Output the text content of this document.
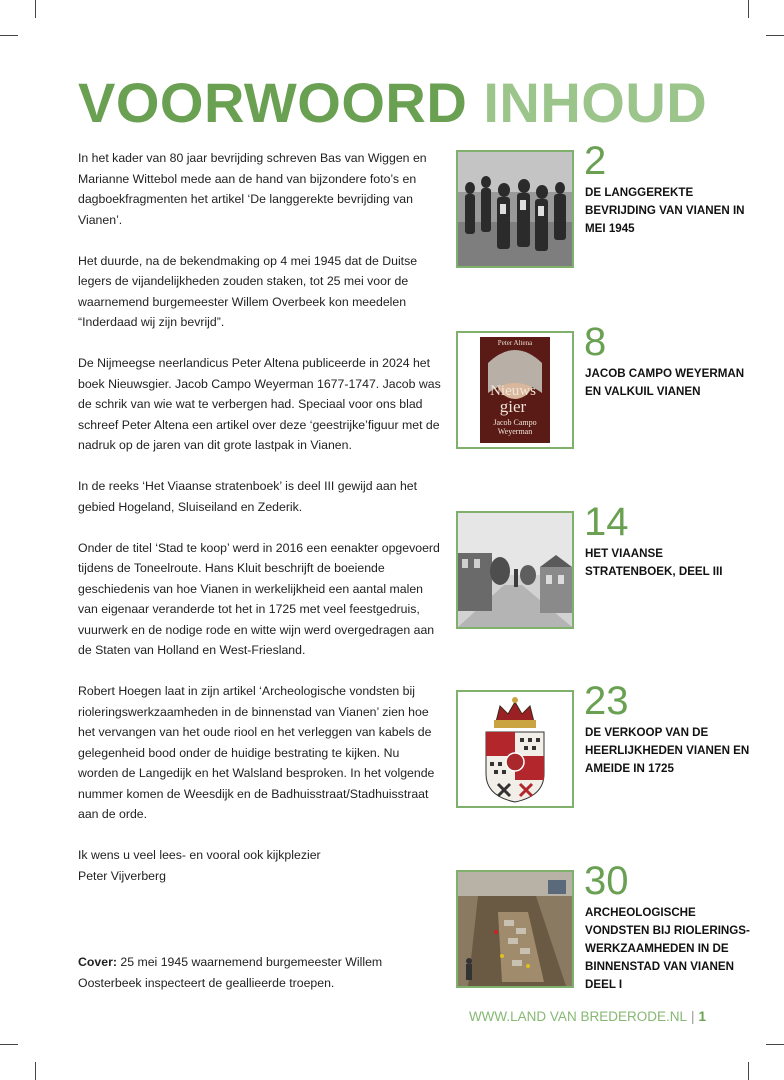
VOORWOORD INHOUD

In het kader van 80 jaar bevrijding schreven Bas van Wiggen en Marianne Wittebol mede aan de hand van bijzondere foto’s en dagboekfragmenten het artikel ‘De langgerekte bevrijding van Vianen’.

Het duurde, na de bekendmaking op 4 mei 1945 dat de Duitse legers de vijandelijkheden zouden staken, tot 25 mei voor de waarnemend burgemeester Willem Overbeek kon meedelen “Inderdaad wij zijn bevrijd”.

De Nijmeegse neerlandicus Peter Altena publiceerde in 2024 het boek Nieuwsgier. Jacob Campo Weyerman 1677-1747. Jacob was de schrik van wie wat te verbergen had. Speciaal voor ons blad schreef Peter Altena een artikel over deze ‘geestrijke’figuur met de nadruk op de jaren van dit grote lastpak in Vianen.

In de reeks ‘Het Viaanse stratenboek’ is deel III gewijd aan het gebied Hogeland, Sluiseiland en Zederik.

Onder de titel ‘Stad te koop’ werd in 2016 een eenakter opgevoerd tijdens de Toneelroute. Hans Kluit beschrijft de boeiende geschiedenis van hoe Vianen in werkelijkheid een aantal malen van eigenaar veranderde tot het in 1725 met veel feestgedruis, vuurwerk en de nodige rode en witte wijn werd overgedragen aan de Staten van Holland en West-Friesland.

Robert Hoegen laat in zijn artikel ‘Archeologische vondsten bij rioleringswerkzaamheden in de binnenstad van Vianen’ zien hoe het vervangen van het oude riool en het verleggen van kabels de gelegenheid bood onder de huidige bestrating te kijken. Nu worden de Langedijk en het Walsland besproken. In het volgende nummer komen de Weesdijk en de Badhuisstraat/Stadhuisstraat aan de orde.

Ik wens u veel lees- en vooral ook kijkplezier
Peter Vijverberg

Cover: 25 mei 1945 waarnemend burgemeester Willem Oosterbeek inspecteert de geallieerde troepen.

2
DE LANGGEREKTE BEVRIJDING VAN VIANEN IN MEI 1945
Peter Altena
Nieuws
gier
Jacob Campo
Weyerman
8
JACOB CAMPO WEYERMAN EN VALKUIL VIANEN
14
HET VIAANSE STRATENBOEK, DEEL III
23
DE VERKOOP VAN DE HEERLIJKHEDEN VIANEN EN AMEIDE IN 1725
30
ARCHEOLOGISCHE VONDSTEN BIJ RIOLERINGS-WERKZAAMHEDEN IN DE BINNENSTAD VAN VIANEN DEEL I
WWW.LAND VAN BREDERODE.NL | 1
